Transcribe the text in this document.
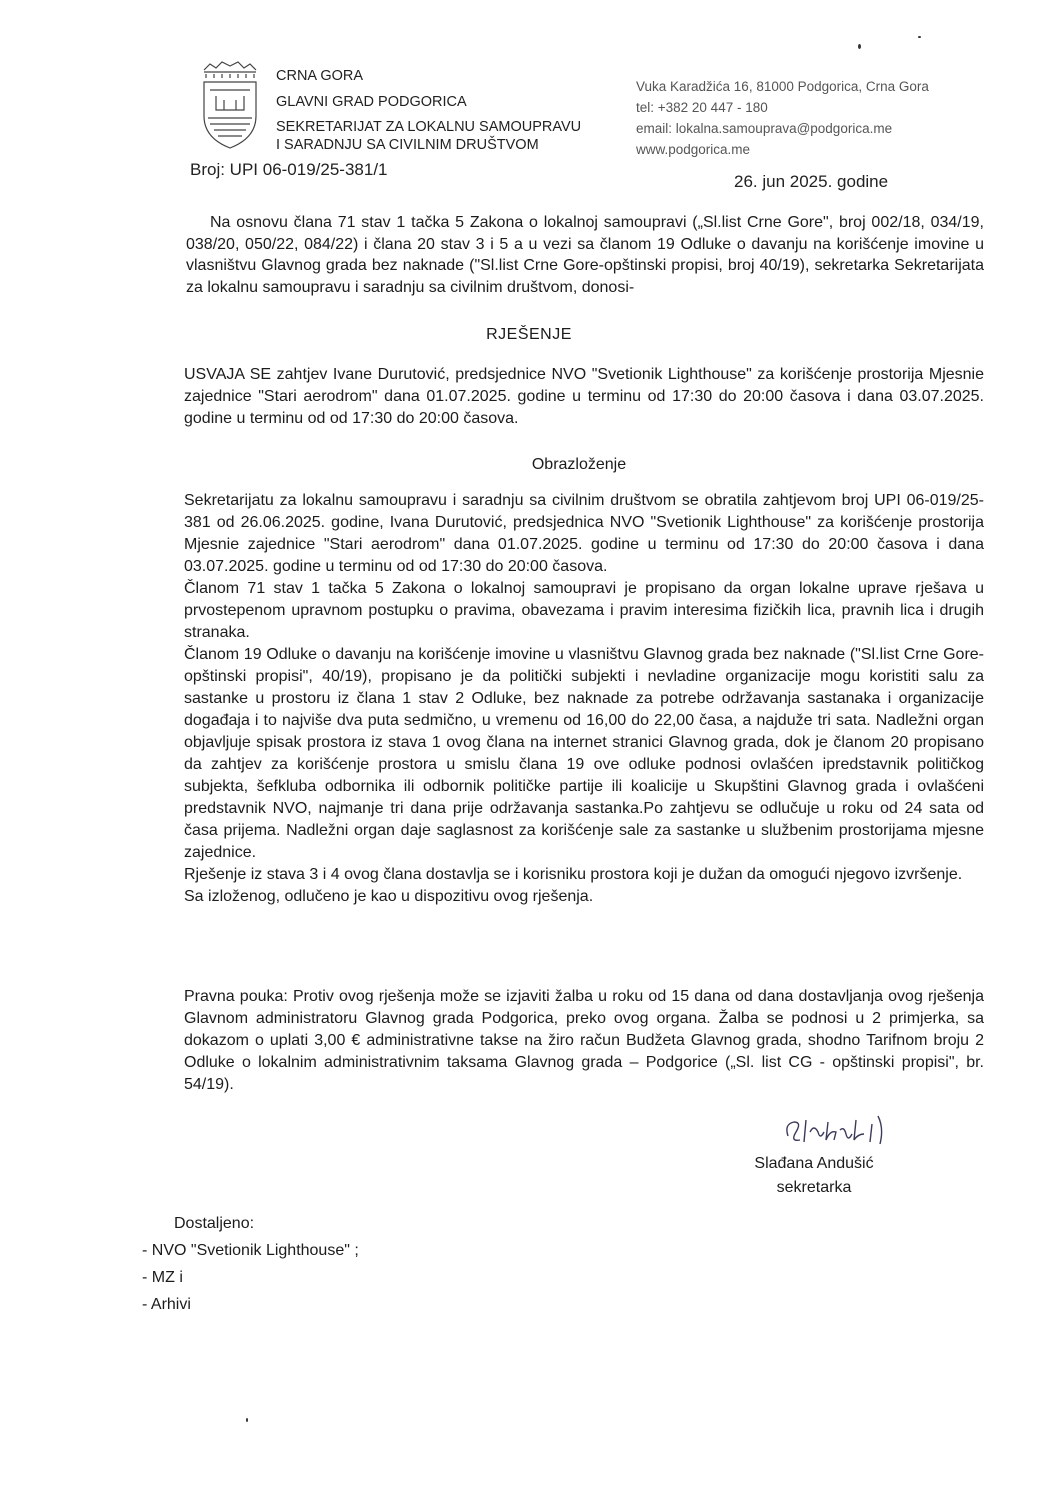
CRNA GORA
GLAVNI GRAD PODGORICA
SEKRETARIJAT ZA LOKALNU SAMOUPRAVU
I SARADNJU SA CIVILNIM DRUŠTVOM
Vuka Karadžića 16, 81000 Podgorica, Crna Gora
tel: +382 20 447 - 180
email: lokalna.samouprava@podgorica.me
www.podgorica.me
Broj: UPI 06-019/25-381/1
26. jun 2025. godine
Na osnovu člana 71 stav 1 tačka 5 Zakona o lokalnoj samoupravi („Sl.list Crne Gore", broj 002/18, 034/19, 038/20, 050/22, 084/22) i člana 20 stav 3 i 5 a u vezi sa članom 19 Odluke o davanju na korišćenje imovine u vlasništvu Glavnog grada bez naknade ("Sl.list Crne Gore-opštinski propisi, broj 40/19), sekretarka Sekretarijata za lokalnu samoupravu i saradnju sa civilnim društvom, donosi-
RJEŠENJE
USVAJA SE zahtjev Ivane Durutović, predsjednice NVO "Svetionik Lighthouse" za korišćenje prostorija Mjesnie zajednice "Stari aerodrom" dana 01.07.2025. godine u terminu od 17:30 do 20:00 časova i dana 03.07.2025. godine u terminu od od 17:30 do 20:00 časova.
Obrazloženje

Sekretarijatu za lokalnu samoupravu i saradnju sa civilnim društvom se obratila zahtjevom broj UPI 06-019/25-381 od 26.06.2025. godine, Ivana Durutović, predsjednica NVO "Svetionik Lighthouse" za korišćenje prostorija Mjesnie zajednice "Stari aerodrom" dana 01.07.2025. godine u terminu od 17:30 do 20:00 časova i dana 03.07.2025. godine u terminu od od 17:30 do 20:00 časova.

Članom 71 stav 1 tačka 5 Zakona o lokalnoj samoupravi je propisano da organ lokalne uprave rješava u prvostepenom upravnom postupku o pravima, obavezama i pravim interesima fizičkih lica, pravnih lica i drugih stranaka.

Članom 19 Odluke o davanju na korišćenje imovine u vlasništvu Glavnog grada bez naknade ("Sl.list Crne Gore-opštinski propisi", 40/19), propisano je da politički subjekti i nevladine organizacije mogu koristiti salu za sastanke u prostoru iz člana 1 stav 2 Odluke, bez naknade za potrebe održavanja sastanaka i organizacije događaja i to najviše dva puta sedmično, u vremenu od 16,00 do 22,00 časa, a najduže tri sata. Nadležni organ objavljuje spisak prostora iz stava 1 ovog člana na internet stranici Glavnog grada, dok je članom 20 propisano da zahtjev za korišćenje prostora u smislu člana 19 ove odluke podnosi ovlašćen ipredstavnik političkog subjekta, šefkluba odbornika ili odbornik političke partije ili koalicije u Skupštini Glavnog grada i ovlašćeni predstavnik NVO, najmanje tri dana prije održavanja sastanka.Po zahtjevu se odlučuje u roku od 24 sata od časa prijema. Nadležni organ daje saglasnost za korišćenje sale za sastanke u službenim prostorijama mjesne zajednice.

Rješenje iz stava 3 i 4 ovog člana dostavlja se i korisniku prostora koji je dužan da omogući njegovo izvršenje.

Sa izloženog, odlučeno je kao u dispozitivu ovog rješenja.

Pravna pouka: Protiv ovog rješenja može se izjaviti žalba u roku od 15 dana od dana dostavljanja ovog rješenja Glavnom administratoru Glavnog grada Podgorica, preko ovog organa. Žalba se podnosi u 2 primjerka, sa dokazom o uplati 3,00 € administrativne takse na žiro račun Budžeta Glavnog grada, shodno Tarifnom broju 2 Odluke o lokalnim administrativnim taksama Glavnog grada – Podgorice („Sl. list CG - opštinski propisi", br. 54/19).
Slađana Andušić
sekretarka
Dostaljeno:
- NVO "Svetionik Lighthouse" ;
- MZ i
- Arhivi
